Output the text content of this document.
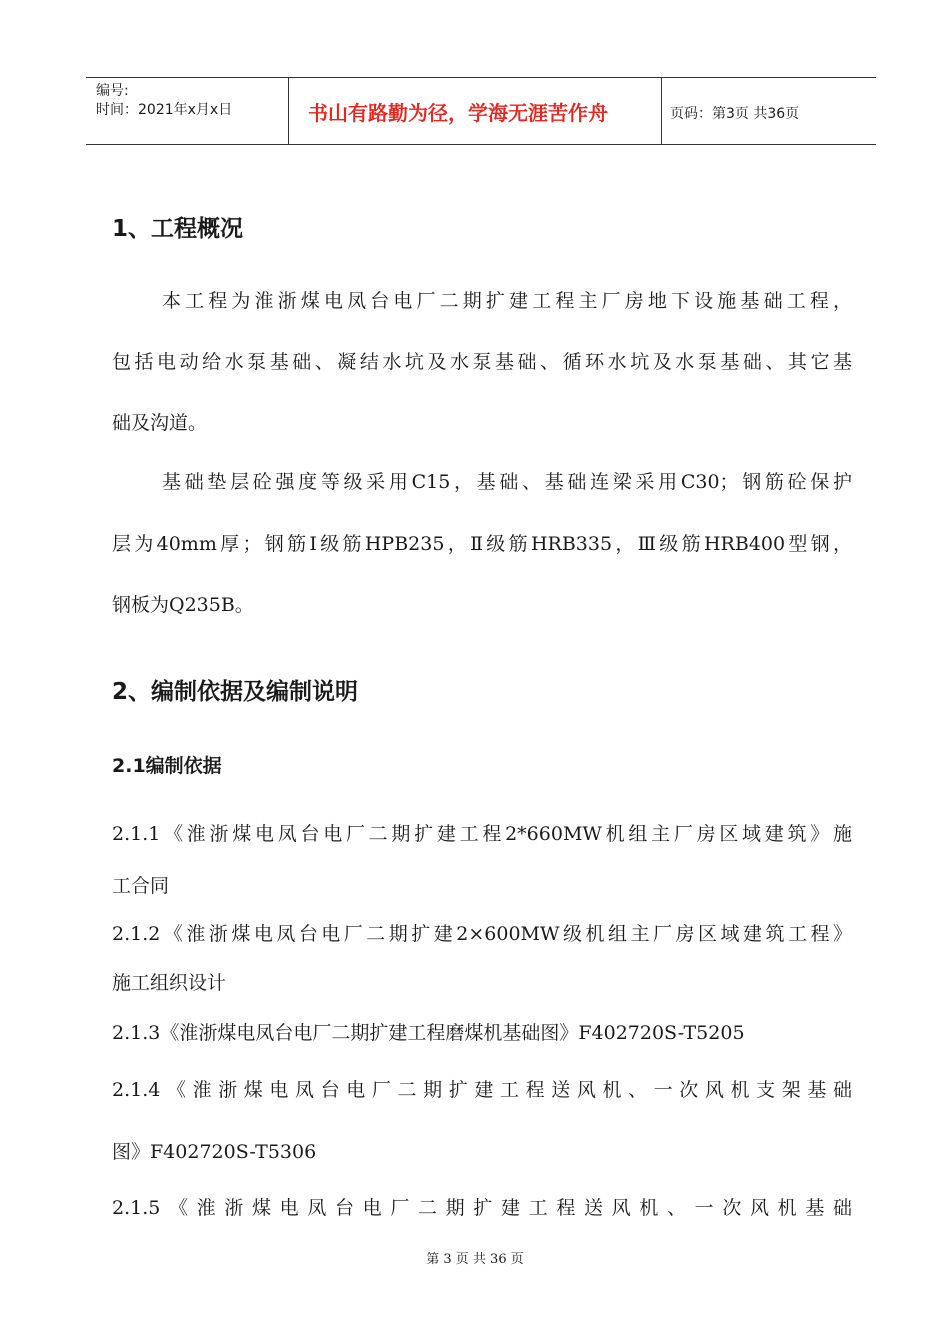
编号:
时间：2021年x月x日	书山有路勤为径，学海无涯苦作舟	页码：第3页 共36页
1、工程概况
本工程为淮浙煤电凤台电厂二期扩建工程主厂房地下设施基础工程，
包括电动给水泵基础、凝结水坑及水泵基础、循环水坑及水泵基础、其它基
础及沟道。
基础垫层砼强度等级采用C15，基础、基础连梁采用C30；钢筋砼保护
层为40mm厚；钢筋Ⅰ级筋HPB235，Ⅱ级筋HRB335，Ⅲ级筋HRB400型钢，
钢板为Q235B。
2、编制依据及编制说明
2.1编制依据
2.1.1《淮浙煤电凤台电厂二期扩建工程2*660MW机组主厂房区域建筑》施
工合同
2.1.2《淮浙煤电凤台电厂二期扩建2×600MW级机组主厂房区域建筑工程》
施工组织设计
2.1.3《淮浙煤电凤台电厂二期扩建工程磨煤机基础图》F402720S-T5205
2.1.4《淮浙煤电凤台电厂二期扩建工程送风机、一次风机支架基础
图》F402720S-T5306
2.1.5《淮浙煤电凤台电厂二期扩建工程送风机、一次风机基础
第 3 页 共 36 页
